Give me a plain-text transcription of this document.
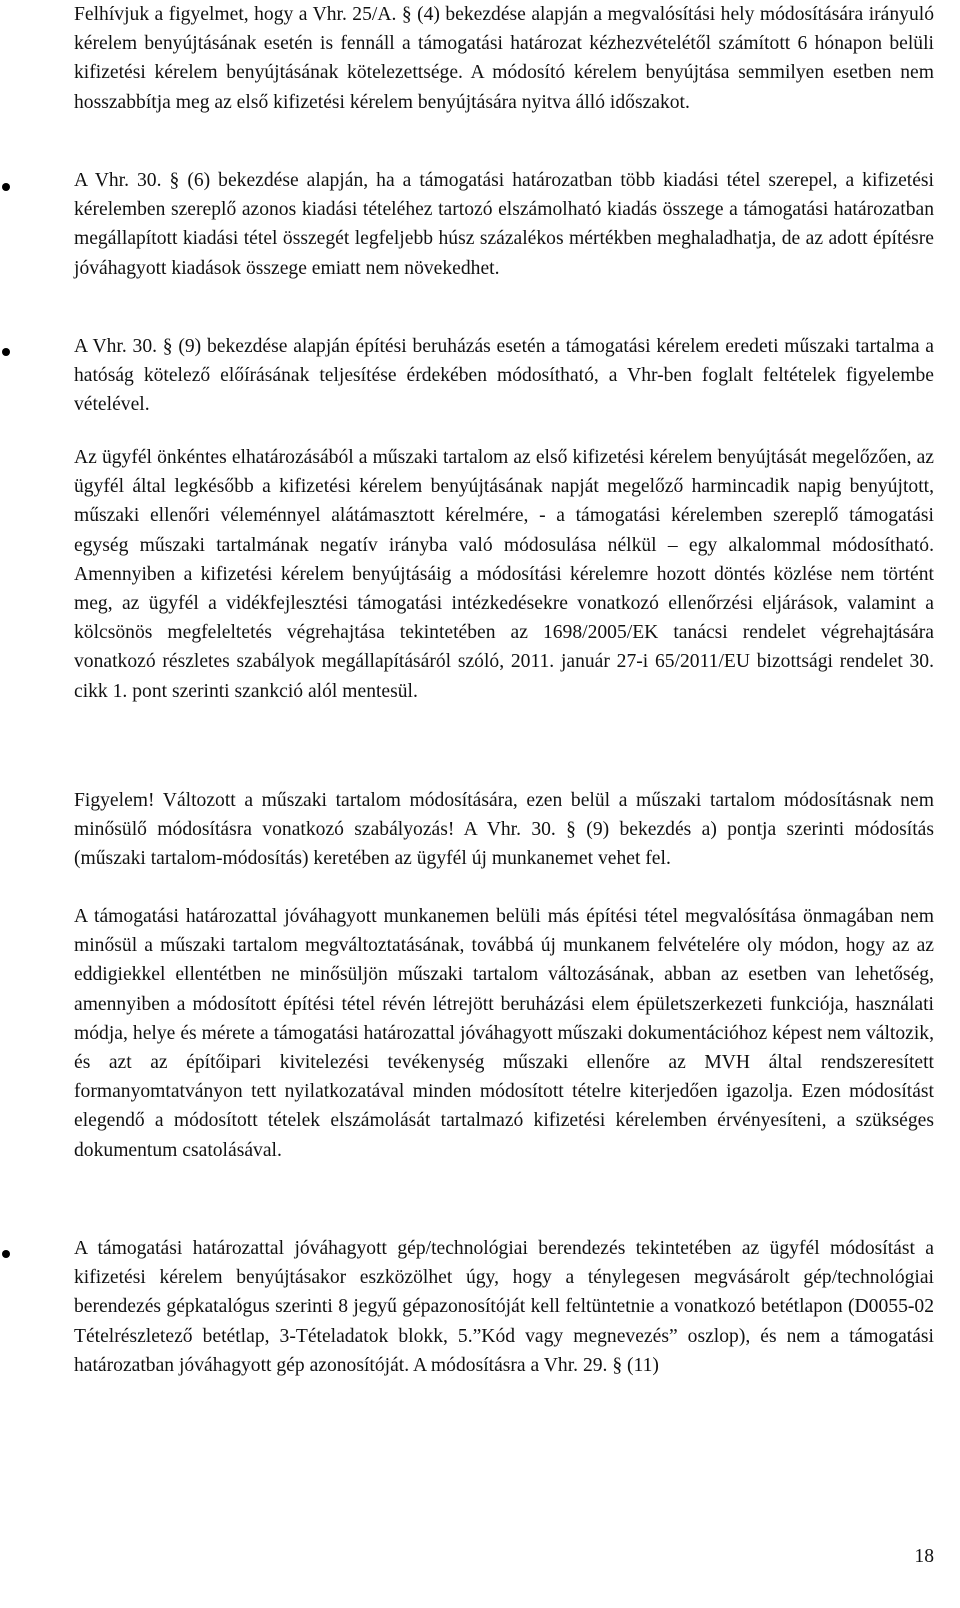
Felhívjuk a figyelmet, hogy a Vhr. 25/A. § (4) bekezdése alapján a megvalósítási hely módosítására irányuló kérelem benyújtásának esetén is fennáll a támogatási határozat kézhezvételétől számított 6 hónapon belüli kifizetési kérelem benyújtásának kötelezettsége. A módosító kérelem benyújtása semmilyen esetben nem hosszabbítja meg az első kifizetési kérelem benyújtására nyitva álló időszakot.

A Vhr. 30. § (6) bekezdése alapján, ha a támogatási határozatban több kiadási tétel szerepel, a kifizetési kérelemben szereplő azonos kiadási tételéhez tartozó elszámolható kiadás összege a támogatási határozatban megállapított kiadási tétel összegét legfeljebb húsz százalékos mértékben meghaladhatja, de az adott építésre jóváhagyott kiadások összege emiatt nem növekedhet.

A Vhr. 30. § (9) bekezdése alapján építési beruházás esetén a támogatási kérelem eredeti műszaki tartalma a hatóság kötelező előírásának teljesítése érdekében módosítható, a Vhr-ben foglalt feltételek figyelembe vételével.

Az ügyfél önkéntes elhatározásából a műszaki tartalom az első kifizetési kérelem benyújtását megelőzően, az ügyfél által legkésőbb a kifizetési kérelem benyújtásának napját megelőző harmincadik napig benyújtott, műszaki ellenőri véleménnyel alátámasztott kérelmére, - a támogatási kérelemben szereplő támogatási egység műszaki tartalmának negatív irányba való módosulása nélkül – egy alkalommal módosítható. Amennyiben a kifizetési kérelem benyújtásáig a módosítási kérelemre hozott döntés közlése nem történt meg, az ügyfél a vidékfejlesztési támogatási intézkedésekre vonatkozó ellenőrzési eljárások, valamint a kölcsönös megfeleltetés végrehajtása tekintetében az 1698/2005/EK tanácsi rendelet végrehajtására vonatkozó részletes szabályok megállapításáról szóló, 2011. január 27-i 65/2011/EU bizottsági rendelet 30. cikk 1. pont szerinti szankció alól mentesül.

Figyelem! Változott a műszaki tartalom módosítására, ezen belül a műszaki tartalom módosításnak nem minősülő módosításra vonatkozó szabályozás! A Vhr. 30. § (9) bekezdés a) pontja szerinti módosítás (műszaki tartalom-módosítás) keretében az ügyfél új munkanemet vehet fel.

A támogatási határozattal jóváhagyott munkanemen belüli más építési tétel megvalósítása önmagában nem minősül a műszaki tartalom megváltoztatásának, továbbá új munkanem felvételére oly módon, hogy az az eddigiekkel ellentétben ne minősüljön műszaki tartalom változásának, abban az esetben van lehetőség, amennyiben a módosított építési tétel révén létrejött beruházási elem épületszerkezeti funkciója, használati módja, helye és mérete a támogatási határozattal jóváhagyott műszaki dokumentációhoz képest nem változik, és azt az építőipari kivitelezési tevékenység műszaki ellenőre az MVH által rendszeresített formanyomtatványon tett nyilatkozatával minden módosított tételre kiterjedően igazolja. Ezen módosítást elegendő a módosított tételek elszámolását tartalmazó kifizetési kérelemben érvényesíteni, a szükséges dokumentum csatolásával.

A támogatási határozattal jóváhagyott gép/technológiai berendezés tekintetében az ügyfél módosítást a kifizetési kérelem benyújtásakor eszközölhet úgy, hogy a ténylegesen megvásárolt gép/technológiai berendezés gépkatalógus szerinti 8 jegyű gépazonosítóját kell feltüntetnie a vonatkozó betétlapon (D0055-02 Tételrészletező betétlap, 3-Tételadatok blokk, 5.”Kód vagy megnevezés” oszlop), és nem a támogatási határozatban jóváhagyott gép azonosítóját. A módosításra a Vhr. 29. § (11)

18
